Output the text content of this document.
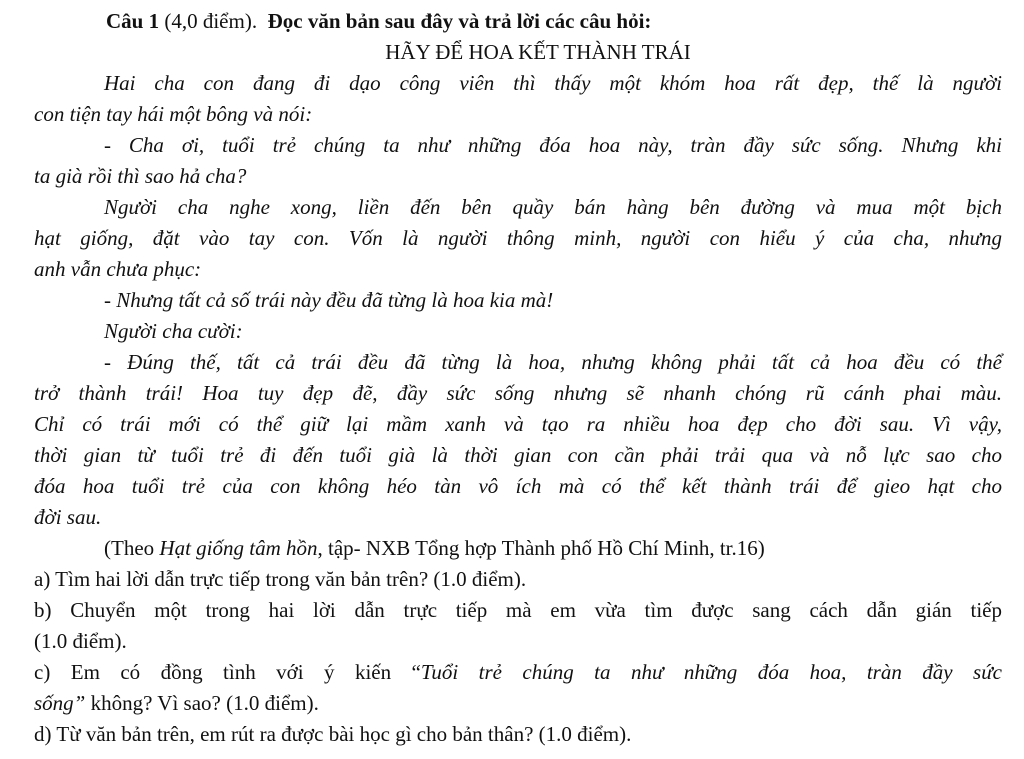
Câu 1 (4,0 điểm). Đọc văn bản sau đây và trả lời các câu hỏi:
HÃY ĐỂ HOA KẾT THÀNH TRÁI
Hai cha con đang đi dạo công viên thì thấy một khóm hoa rất đẹp, thế là người
con tiện tay hái một bông và nói:
- Cha ơi, tuổi trẻ chúng ta như những đóa hoa này, tràn đầy sức sống. Nhưng khi
ta già rồi thì sao hả cha?
Người cha nghe xong, liền đến bên quầy bán hàng bên đường và mua một bịch
hạt giống, đặt vào tay con. Vốn là người thông minh, người con hiểu ý của cha, nhưng
anh vẫn chưa phục:
- Nhưng tất cả số trái này đều đã từng là hoa kia mà!
Người cha cười:
- Đúng thế, tất cả trái đều đã từng là hoa, nhưng không phải tất cả hoa đều có thể
trở thành trái! Hoa tuy đẹp đẽ, đầy sức sống nhưng sẽ nhanh chóng rũ cánh phai màu.
Chỉ có trái mới có thể giữ lại mầm xanh và tạo ra nhiều hoa đẹp cho đời sau. Vì vậy,
thời gian từ tuổi trẻ đi đến tuổi già là thời gian con cần phải trải qua và nỗ lực sao cho
đóa hoa tuổi trẻ của con không héo tàn vô ích mà có thể kết thành trái để gieo hạt cho
đời sau.
(Theo Hạt giống tâm hồn, tập- NXB Tổng hợp Thành phố Hồ Chí Minh, tr.16)
a) Tìm hai lời dẫn trực tiếp trong văn bản trên? (1.0 điểm).
b) Chuyển một trong hai lời dẫn trực tiếp mà em vừa tìm được sang cách dẫn gián tiếp
(1.0 điểm).
c) Em có đồng tình với ý kiến “Tuổi trẻ chúng ta như những đóa hoa, tràn đầy sức
sống” không? Vì sao? (1.0 điểm).
d) Từ văn bản trên, em rút ra được bài học gì cho bản thân? (1.0 điểm).
